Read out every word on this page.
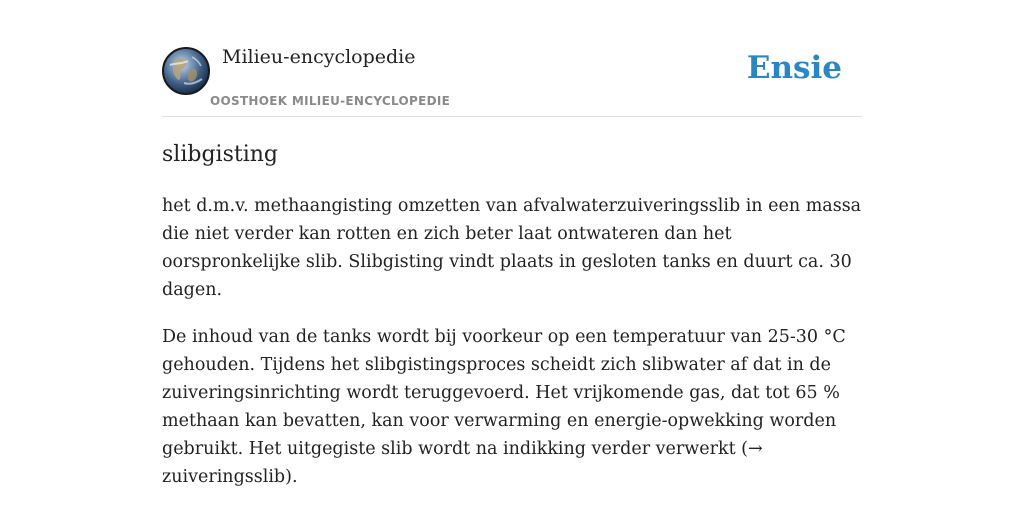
Milieu-encyclopedie
OOSTHOEK MILIEU-ENCYCLOPEDIE
Ensie
slibgisting

het d.m.v. methaangisting omzetten van afvalwaterzuiveringsslib in een massa die niet verder kan rotten en zich beter laat ontwateren dan het oorspronkelijke slib. Slibgisting vindt plaats in gesloten tanks en duurt ca. 30 dagen.

De inhoud van de tanks wordt bij voorkeur op een temperatuur van 25-30 °C gehouden. Tijdens het slibgistingsproces scheidt zich slibwater af dat in de zuiveringsinrichting wordt teruggevoerd. Het vrijkomende gas, dat tot 65 % methaan kan bevatten, kan voor verwarming en energie-opwekking worden gebruikt. Het uitgegiste slib wordt na indikking verder verwerkt (→ zuiveringsslib).
